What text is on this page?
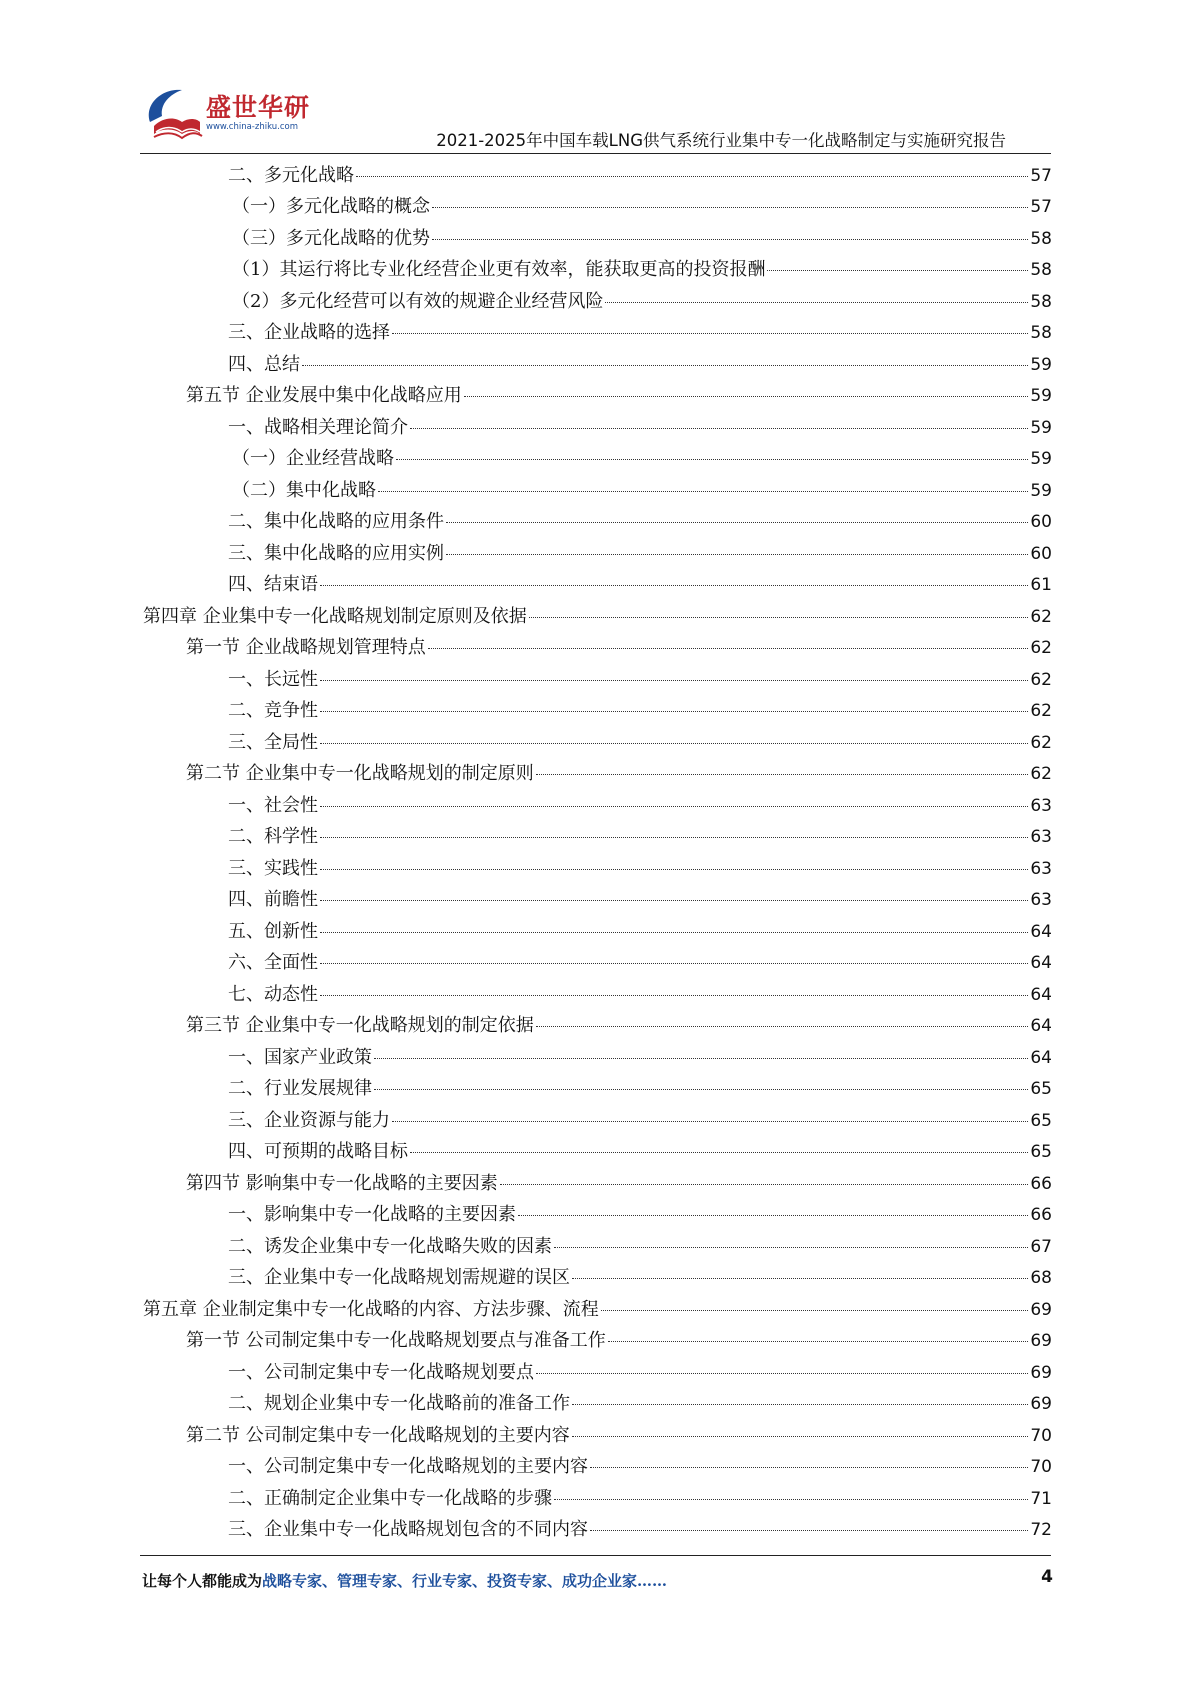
盛世华研
www.china-zhiku.com
2021-2025年中国车载LNG供气系统行业集中专一化战略制定与实施研究报告
二、多元化战略	57
（一）多元化战略的概念	57
（三）多元化战略的优势	58
（1）其运行将比专业化经营企业更有效率，能获取更高的投资报酬	58
（2）多元化经营可以有效的规避企业经营风险	58
三、企业战略的选择	58
四、总结	59
第五节 企业发展中集中化战略应用	59
一、战略相关理论简介	59
（一）企业经营战略	59
（二）集中化战略	59
二、集中化战略的应用条件	60
三、集中化战略的应用实例	60
四、结束语	61
第四章 企业集中专一化战略规划制定原则及依据	62
第一节 企业战略规划管理特点	62
一、长远性	62
二、竞争性	62
三、全局性	62
第二节 企业集中专一化战略规划的制定原则	62
一、社会性	63
二、科学性	63
三、实践性	63
四、前瞻性	63
五、创新性	64
六、全面性	64
七、动态性	64
第三节 企业集中专一化战略规划的制定依据	64
一、国家产业政策	64
二、行业发展规律	65
三、企业资源与能力	65
四、可预期的战略目标	65
第四节 影响集中专一化战略的主要因素	66
一、影响集中专一化战略的主要因素	66
二、诱发企业集中专一化战略失败的因素	67
三、企业集中专一化战略规划需规避的误区	68
第五章 企业制定集中专一化战略的内容、方法步骤、流程	69
第一节 公司制定集中专一化战略规划要点与准备工作	69
一、公司制定集中专一化战略规划要点	69
二、规划企业集中专一化战略前的准备工作	69
第二节 公司制定集中专一化战略规划的主要内容	70
一、公司制定集中专一化战略规划的主要内容	70
二、正确制定企业集中专一化战略的步骤	71
三、企业集中专一化战略规划包含的不同内容	72
让每个人都能成为战略专家、管理专家、行业专家、投资专家、成功企业家……	4
